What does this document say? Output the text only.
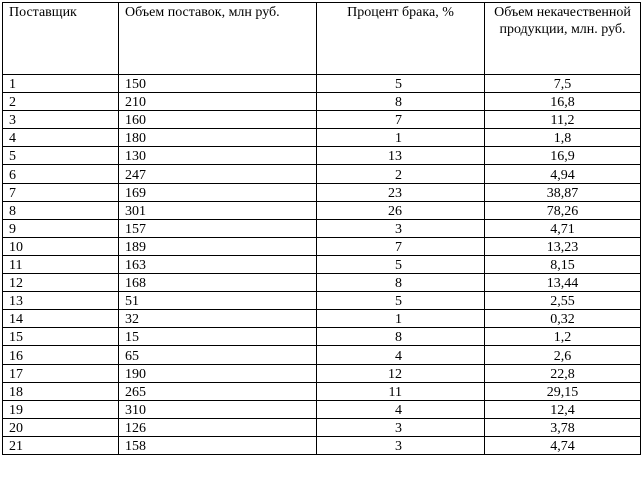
Поставщик	Объем поставок, млн руб.	Процент брака, %	Объем некачественной продукции, млн. руб.
1	150	5	7,5
2	210	8	16,8
3	160	7	11,2
4	180	1	1,8
5	130	13	16,9
6	247	2	4,94
7	169	23	38,87
8	301	26	78,26
9	157	3	4,71
10	189	7	13,23
11	163	5	8,15
12	168	8	13,44
13	51	5	2,55
14	32	1	0,32
15	15	8	1,2
16	65	4	2,6
17	190	12	22,8
18	265	11	29,15
19	310	4	12,4
20	126	3	3,78
21	158	3	4,74
